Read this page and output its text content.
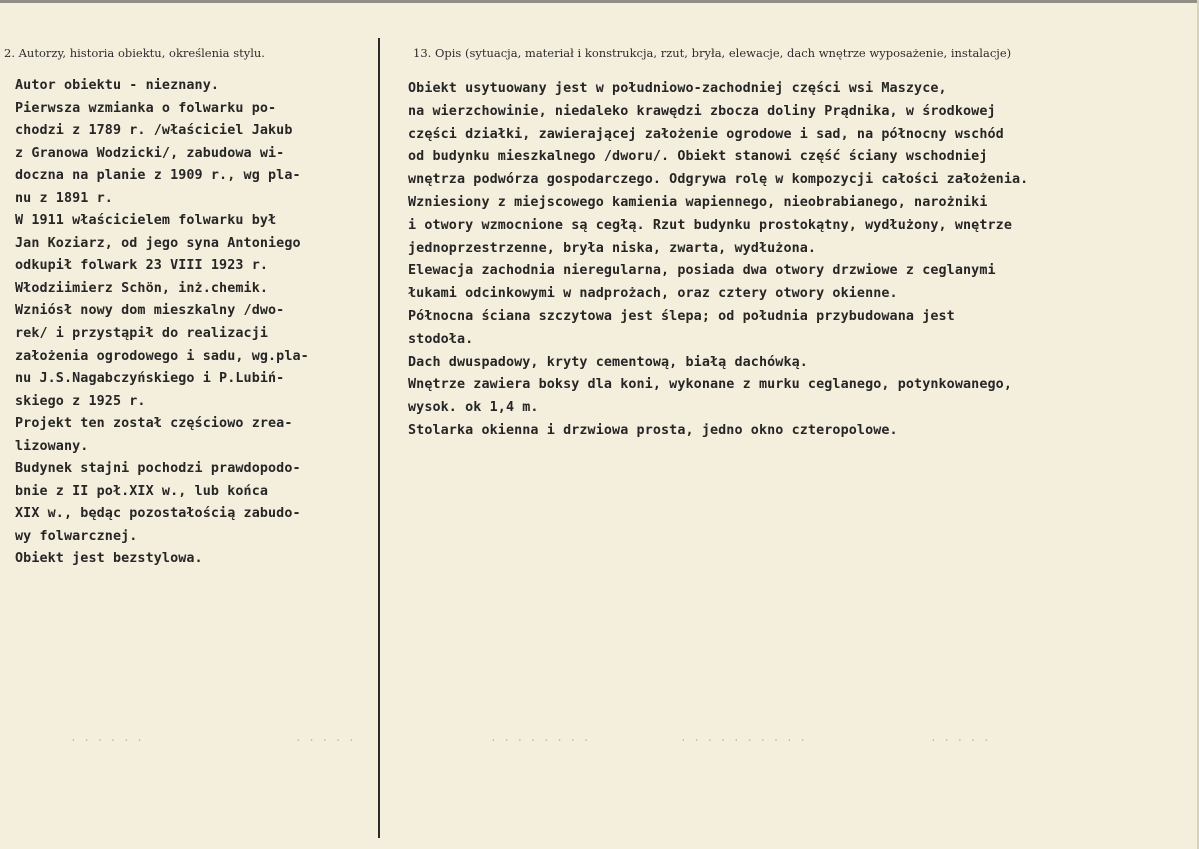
2. Autorzy, historia obiektu, określenia stylu.	13. Opis (sytuacja, materiał i konstrukcja, rzut, bryła, elewacje, dach wnętrze wyposażenie, instalacje)
Autor obiektu - nieznany.
Pierwsza wzmianka o folwarku po-
chodzi z 1789 r. /właściciel Jakub
z Granowa Wodzicki/, zabudowa wi-
doczna na planie z 1909 r., wg pla-
nu z 1891 r.
W 1911 właścicielem folwarku był
Jan Koziarz, od jego syna Antoniego
odkupił folwark 23 VIII 1923 r.
Włodziimierz Schön, inż.chemik.
Wzniósł nowy dom mieszkalny /dwo-
rek/ i przystąpił do realizacji
założenia ogrodowego i sadu, wg.pla-
nu J.S.Nagabczyńskiego i P.Lubiń-
skiego z 1925 r.
Projekt ten został częściowo zrea-
lizowany.
Budynek stajni pochodzi prawdopodo-
bnie z II poł.XIX w., lub końca
XIX w., będąc pozostałością zabudo-
wy folwarcznej.
Obiekt jest bezstylowa.
Obiekt usytuowany jest w południowo-zachodniej części wsi Maszyce,
na wierzchowinie, niedaleko krawędzi zbocza doliny Prądnika, w środkowej
części działki, zawierającej założenie ogrodowe i sad, na północny wschód
od budynku mieszkalnego /dworu/. Obiekt stanowi część ściany wschodniej
wnętrza podwórza gospodarczego. Odgrywa rolę w kompozycji całości założenia.
Wzniesiony z miejscowego kamienia wapiennego, nieobrabianego, narożniki
i otwory wzmocnione są cegłą. Rzut budynku prostokątny, wydłużony, wnętrze
jednoprzestrzenne, bryła niska, zwarta, wydłużona.
Elewacja zachodnia nieregularna, posiada dwa otwory drzwiowe z ceglanymi
łukami odcinkowymi w nadprożach, oraz cztery otwory okienne.
Północna ściana szczytowa jest ślepa; od południa przybudowana jest
stodoła.
Dach dwuspadowy, kryty cementową, białą dachówką.
Wnętrze zawiera boksy dla koni, wykonane z murku ceglanego, potynkowanego,
wysok. ok 1,4 m.
Stolarka okienna i drzwiowa prosta, jedno okno czteropolowe.
· · · · · ·	· · · · ·	· · · · · · · ·	· · · · · · · · · ·	· · · · ·
